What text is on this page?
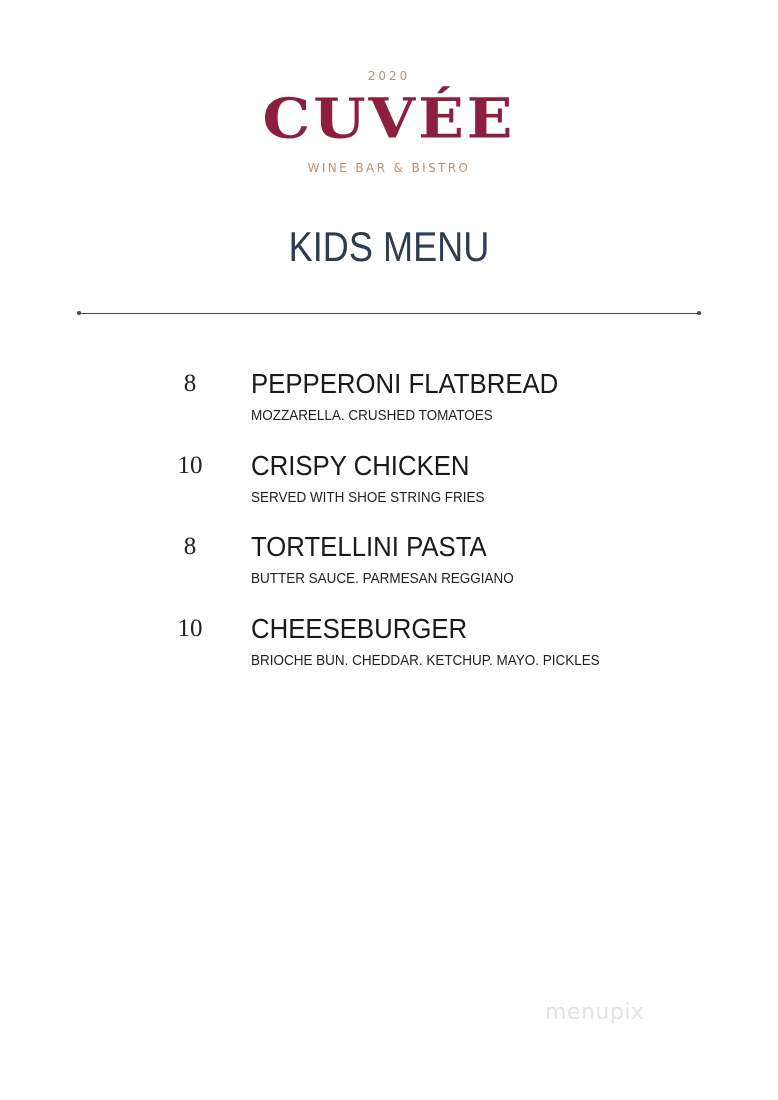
2020
CUVÉE
WINE BAR & BISTRO
KIDS MENU
8	PEPPERONI FLATBREAD
MOZZARELLA. CRUSHED TOMATOES
10	CRISPY CHICKEN
SERVED WITH SHOE STRING FRIES
8	TORTELLINI PASTA
BUTTER SAUCE. PARMESAN REGGIANO
10	CHEESEBURGER
BRIOCHE BUN. CHEDDAR. KETCHUP. MAYO. PICKLES
menupix
